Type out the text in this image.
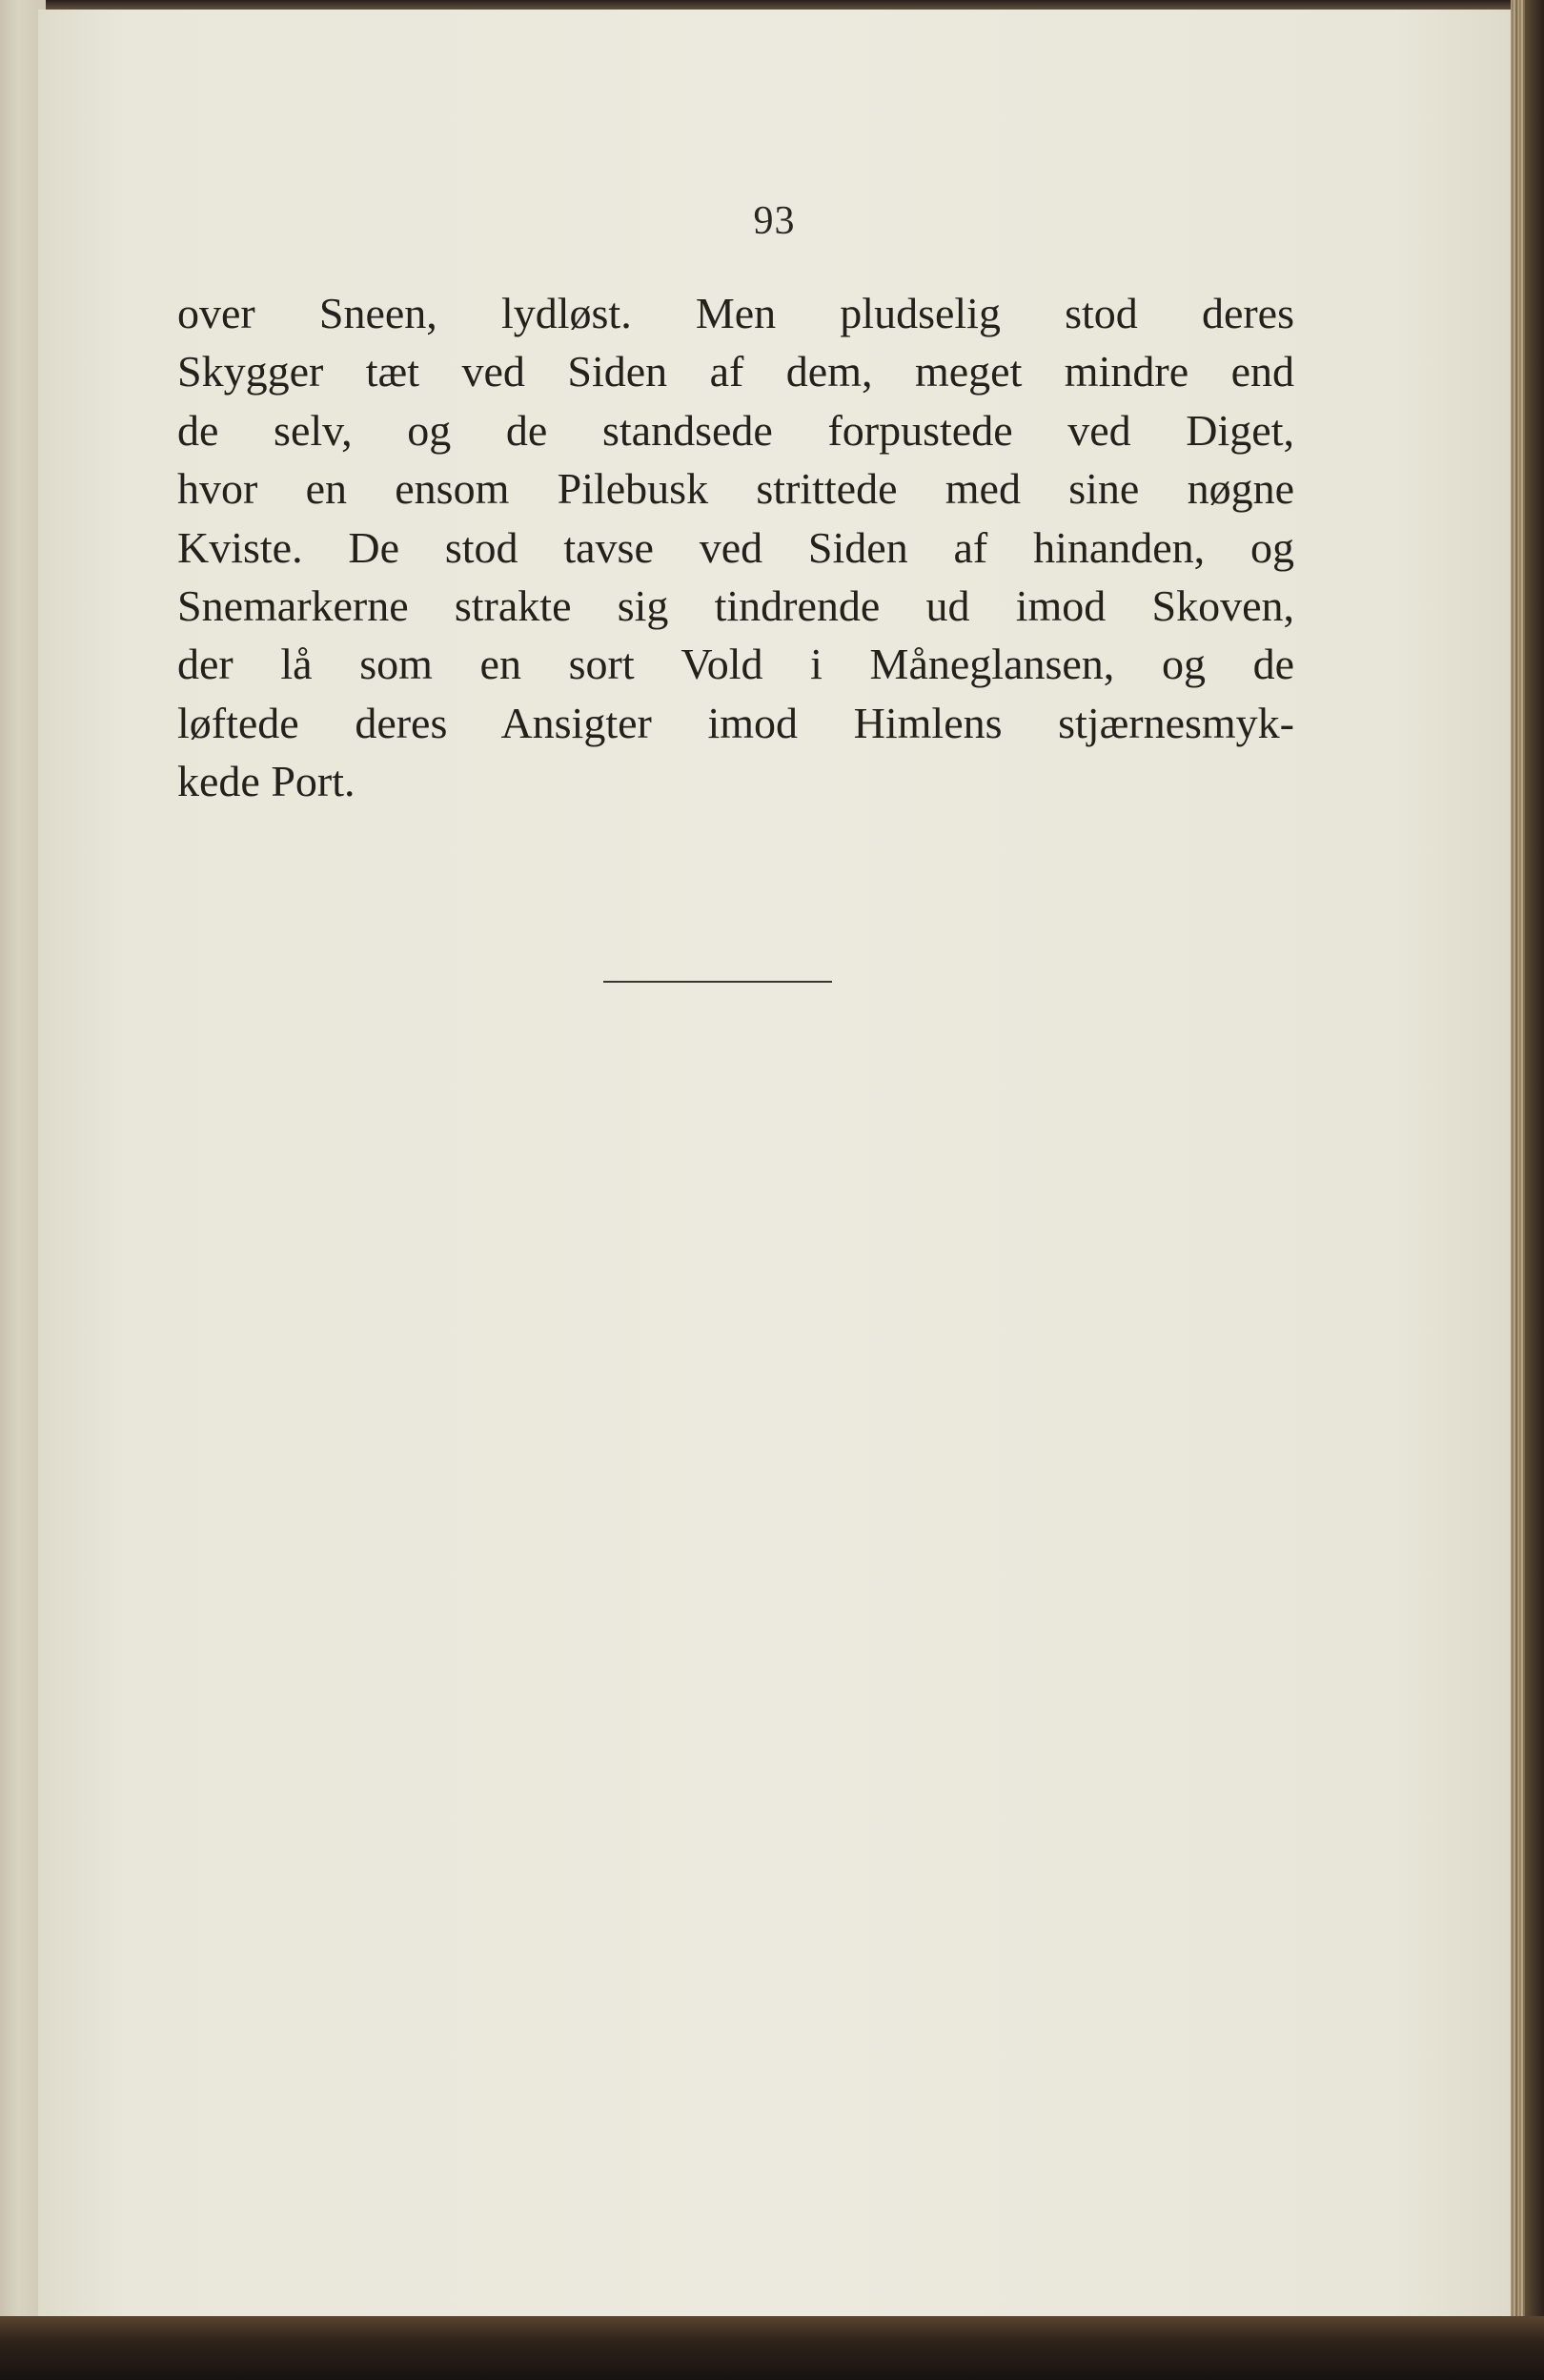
93
over Sneen, lydløst. Men pludselig stod deres
Skygger tæt ved Siden af dem, meget mindre end
de selv, og de standsede forpustede ved Diget,
hvor en ensom Pilebusk strittede med sine nøgne
Kviste. De stod tavse ved Siden af hinanden, og
Snemarkerne strakte sig tindrende ud imod Skoven,
der lå som en sort Vold i Måneglansen, og de
løftede deres Ansigter imod Himlens stjærnesmyk-
kede Port.
